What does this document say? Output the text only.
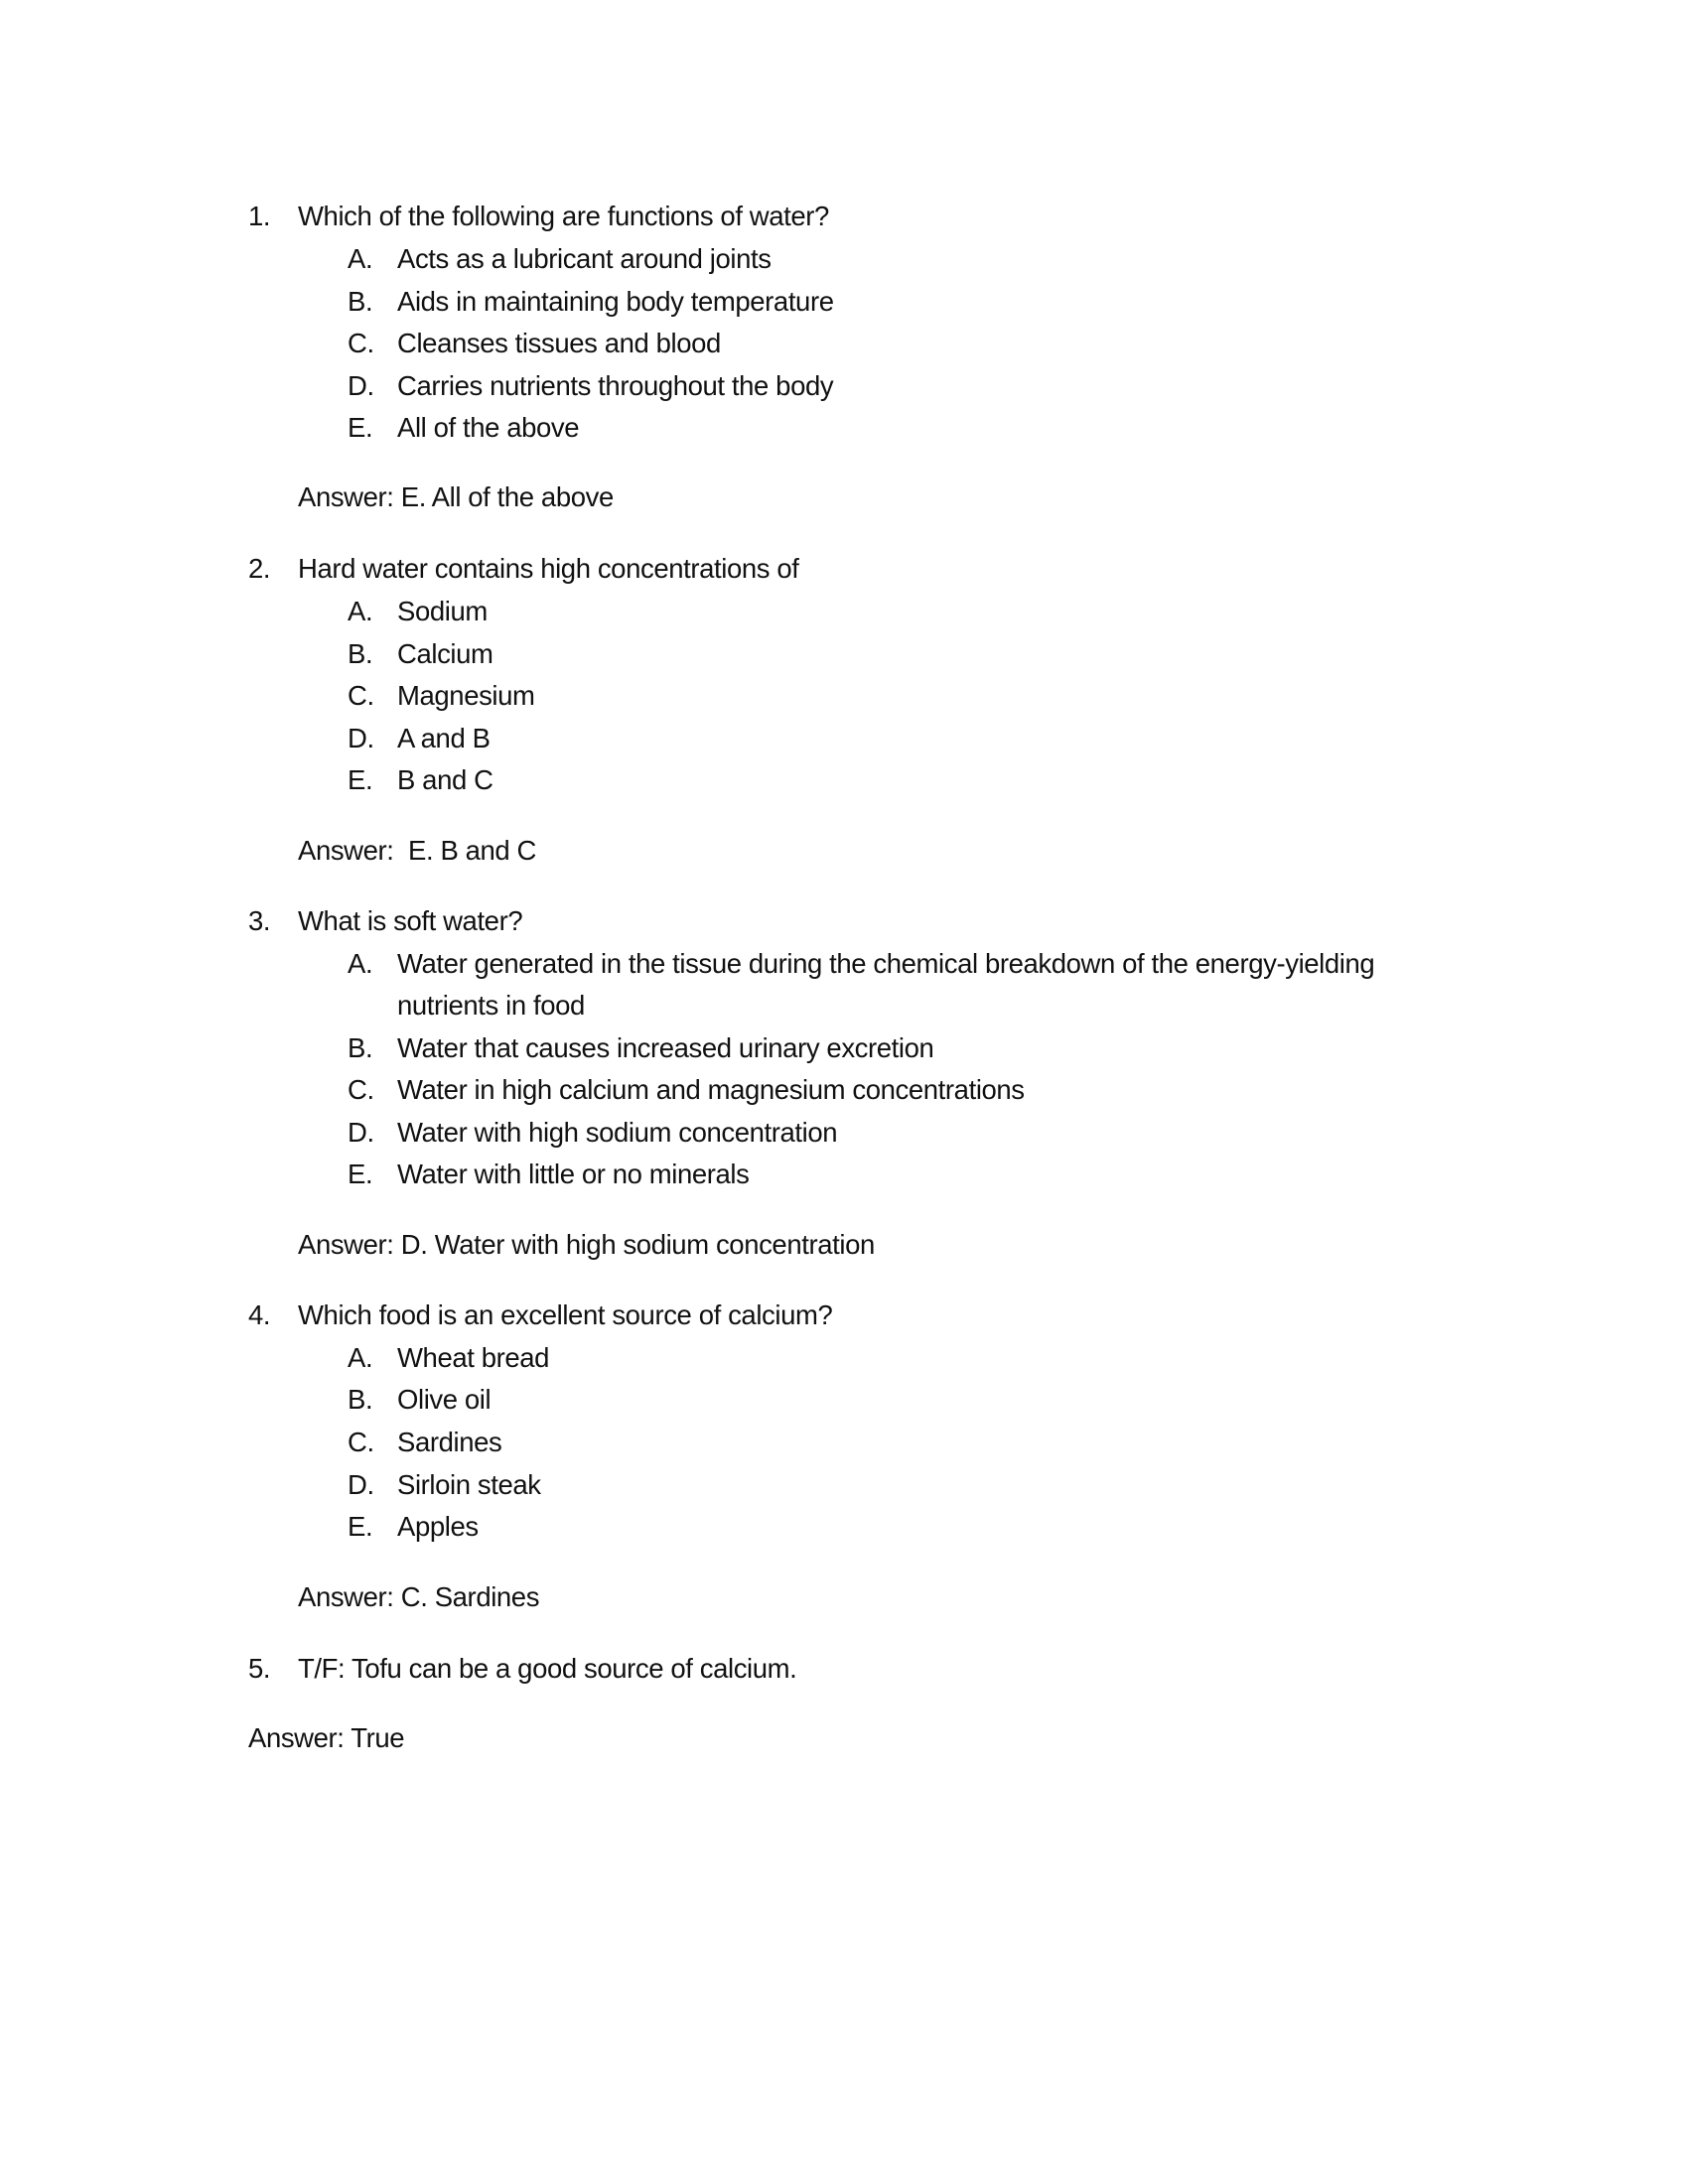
1. Which of the following are functions of water?
A. Acts as a lubricant around joints
B. Aids in maintaining body temperature
C. Cleanses tissues and blood
D. Carries nutrients throughout the body
E. All of the above
Answer: E. All of the above
2. Hard water contains high concentrations of
A. Sodium
B. Calcium
C. Magnesium
D. A and B
E. B and C
Answer:  E. B and C
3. What is soft water?
A. Water generated in the tissue during the chemical breakdown of the energy-yielding
nutrients in food
B. Water that causes increased urinary excretion
C. Water in high calcium and magnesium concentrations
D. Water with high sodium concentration
E. Water with little or no minerals
Answer: D. Water with high sodium concentration
4. Which food is an excellent source of calcium?
A. Wheat bread
B. Olive oil
C. Sardines
D. Sirloin steak
E. Apples
Answer: C. Sardines
5. T/F: Tofu can be a good source of calcium.
Answer: True
